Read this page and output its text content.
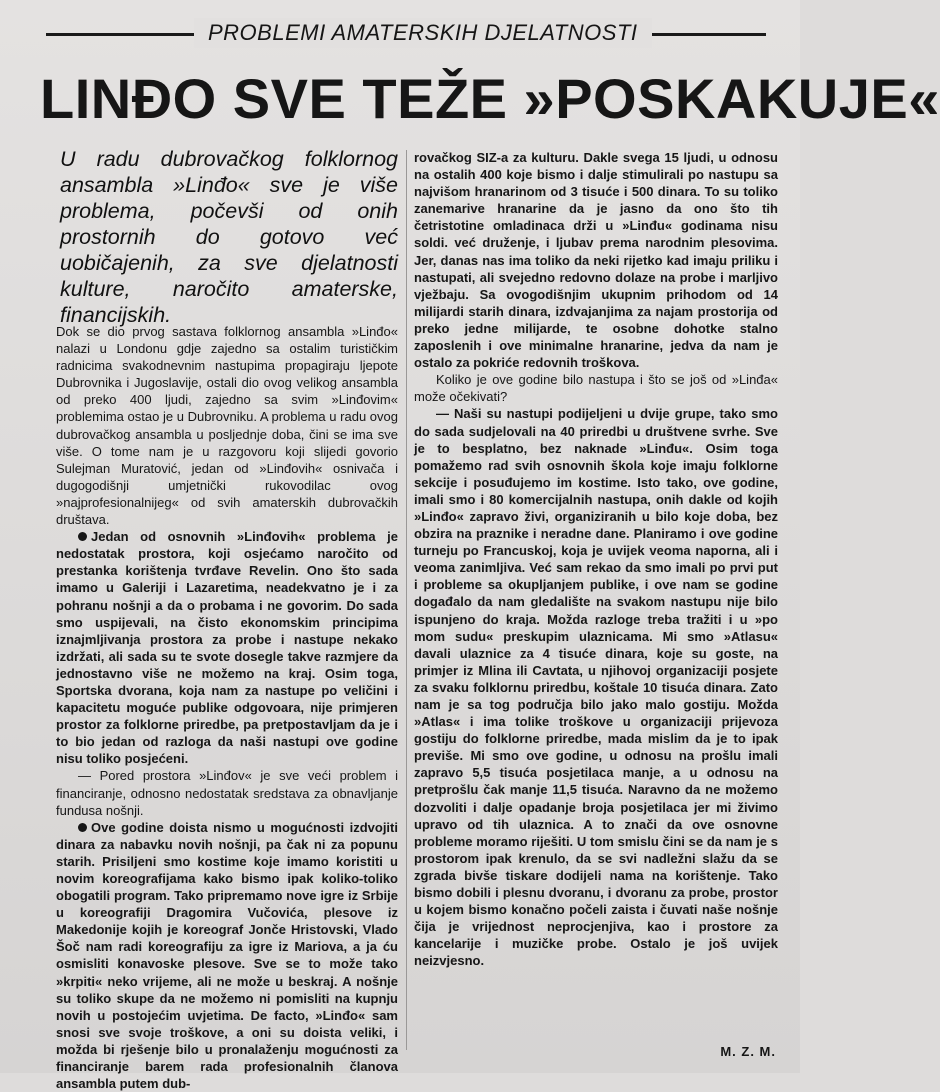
PROBLEMI AMATERSKIH DJELATNOSTI
LINĐO SVE TEŽE »POSKAKUJE«

U radu dubrovačkog folklornog ansambla »Linđo« sve je više problema, počevši od onih prostornih do gotovo već uobičajenih, za sve djelatnosti kulture, naročito amaterske, financijskih.

Dok se dio prvog sastava folklornog ansambla »Linđo« nalazi u Londonu gdje zajedno sa ostalim turističkim radnicima svakodnevnim nastupima propagiraju ljepote Dubrovnika i Jugoslavije, ostali dio ovog velikog ansambla od preko 400 ljudi, zajedno sa svim »Linđovim« problemima ostao je u Dubrovniku. A problema u radu ovog dubrovačkog ansambla u posljednje doba, čini se ima sve više. O tome nam je u razgovoru koji slijedi govorio Sulejman Muratović, jedan od »Linđovih« osnivača i dugogodišnji umjetnički rukovodilac ovog »najprofesionalnijeg« od svih amaterskih dubrovačkih društava.

Jedan od osnovnih »Linđovih« problema je nedostatak prostora, koji osjećamo naročito od prestanka korištenja tvrđave Revelin. Ono što sada imamo u Galeriji i Lazaretima, neadekvatno je i za pohranu nošnji a da o probama i ne govorim. Do sada smo uspijevali, na čisto ekonomskim principima iznajmljivanja prostora za probe i nastupe nekako izdržati, ali sada su te svote dosegle takve razmjere da jednostavno više ne možemo na kraj. Osim toga, Sportska dvorana, koja nam za nastupe po veličini i kapacitetu moguće publike odgovoara, nije primjeren prostor za folklorne priredbe, pa pretpostavljam da je i to bio jedan od razloga da naši nastupi ove godine nisu toliko posjećeni.

— Pored prostora »Linđov« je sve veći problem i financiranje, odnosno nedostatak sredstava za obnavljanje fundusa nošnji.

Ove godine doista nismo u mogućnosti izdvojiti dinara za nabavku novih nošnji, pa čak ni za popunu starih. Prisiljeni smo kostime koje imamo koristiti u novim koreografijama kako bismo ipak koliko-toliko obogatili program. Tako pripremamo nove igre iz Srbije u koreografiji Dragomira Vučovića, plesove iz Makedonije kojih je koreograf Jonče Hristovski, Vlado Šoč nam radi koreografiju za igre iz Mariova, a ja ću osmisliti konavoske plesove. Sve se to može tako »krpiti« neko vrijeme, ali ne može u beskraj. A nošnje su toliko skupe da ne možemo ni pomisliti na kupnju novih u postojećim uvjetima. De facto, »Linđo« sam snosi sve svoje troškove, a oni su doista veliki, i možda bi rješenje bilo u pronalaženju mogućnosti za financiranje barem rada profesionalnih članova ansambla putem dub-

rovačkog SIZ-a za kulturu. Dakle svega 15 ljudi, u odnosu na ostalih 400 koje bismo i dalje stimulirali po nastupu sa najvišom hranarinom od 3 tisuće i 500 dinara. To su toliko zanemarive hranarine da je jasno da ono što tih četristotine omladinaca drži u »Linđu« godinama nisu soldi. već druženje, i ljubav prema narodnim plesovima. Jer, danas nas ima toliko da neki rijetko kad imaju priliku i nastupati, ali svejedno redovno dolaze na probe i marljivo vježbaju. Sa ovogodišnjim ukupnim prihodom od 14 milijardi starih dinara, izdvajanjima za najam prostorija od preko jedne milijarde, te osobne dohotke stalno zaposlenih i ove minimalne hranarine, jedva da nam je ostalo za pokriće redovnih troškova.

Koliko je ove godine bilo nastupa i što se još od »Linđa« može očekivati?

— Naši su nastupi podijeljeni u dvije grupe, tako smo do sada sudjelovali na 40 priredbi u društvene svrhe. Sve je to besplatno, bez naknade »Linđu«. Osim toga pomažemo rad svih osnovnih škola koje imaju folklorne sekcije i posuđujemo im kostime. Isto tako, ove godine, imali smo i 80 komercijalnih nastupa, onih dakle od kojih »Linđo« zapravo živi, organiziranih u bilo koje doba, bez obzira na praznike i neradne dane. Planiramo i ove godine turneju po Francuskoj, koja je uvijek veoma naporna, ali i veoma zanimljiva. Već sam rekao da smo imali po prvi put i probleme sa okupljanjem publike, i ove nam se godine događalo da nam gledalište na svakom nastupu nije bilo ispunjeno do kraja. Možda razloge treba tražiti i u »po mom sudu« preskupim ulaznicama. Mi smo »Atlasu« davali ulaznice za 4 tisuće dinara, koje su goste, na primjer iz Mlina ili Cavtata, u njihovoj organizaciji posjete za svaku folklornu priredbu, koštale 10 tisuća dinara. Zato nam je sa tog područja bilo jako malo gostiju. Možda »Atlas« i ima tolike troškove u organizaciji prijevoza gostiju do folklorne priredbe, mada mislim da je to ipak previše. Mi smo ove godine, u odnosu na prošlu imali zapravo 5,5 tisuća posjetilaca manje, a u odnosu na pretprošlu čak manje 11,5 tisuća. Naravno da ne možemo dozvoliti i dalje opadanje broja posjetilaca jer mi živimo upravo od tih ulaznica. A to znači da ove osnovne probleme moramo riješiti. U tom smislu čini se da nam je s prostorom ipak krenulo, da se svi nadležni slažu da se zgrada bivše tiskare dodijeli nama na korištenje. Tako bismo dobili i plesnu dvoranu, i dvoranu za probe, prostor u kojem bismo konačno počeli zaista i čuvati naše nošnje čija je vrijednost neprocjenjiva, kao i prostore za kancelarije i muzičke probe. Ostalo je još uvijek neizvjesno.

M. Z. M.
